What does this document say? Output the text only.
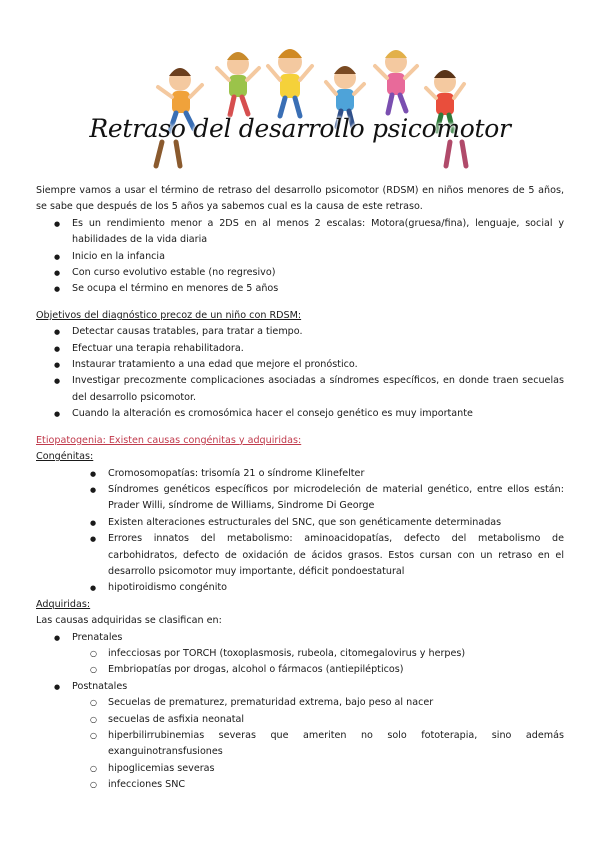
Retraso del desarrollo psicomotor

Siempre vamos a usar el término de retraso del desarrollo psicomotor (RDSM) en niños menores de 5 años, se sabe que después de los 5 años ya sabemos cual es la causa de este retraso.

● Es un rendimiento menor a 2DS en al menos 2 escalas: Motora(gruesa/fina), lenguaje, social y habilidades de la vida diaria
● Inicio en la infancia
● Con curso evolutivo estable (no regresivo)
● Se ocupa el término en menores de 5 años

Objetivos del diagnóstico precoz de un niño con RDSM:

● Detectar causas tratables, para tratar a tiempo.
● Efectuar una terapia rehabilitadora.
● Instaurar tratamiento a una edad que mejore el pronóstico.
● Investigar precozmente complicaciones asociadas a síndromes específicos, en donde traen secuelas del desarrollo psicomotor.
● Cuando la alteración es cromosómica hacer el consejo genético es muy importante

Etiopatogenia: Existen causas congénitas y adquiridas:

Congénitas:

● Cromosomopatías: trisomía 21 o síndrome Klinefelter
● Síndromes genéticos específicos por microdeleción de material genético, entre ellos están: Prader Willi, síndrome de Williams, Sindrome Di George
● Existen alteraciones estructurales del SNC, que son genéticamente determinadas
● Errores innatos del metabolismo: aminoacidopatías, defecto del metabolismo de carbohidratos, defecto de oxidación de ácidos grasos. Estos cursan con un retraso en el desarrollo psicomotor muy importante, déficit pondoestatural
● hipotiroidismo congénito

Adquiridas:

Las causas adquiridas se clasifican en:

● Prenatales
○ infecciosas por TORCH (toxoplasmosis, rubeola, citomegalovirus y herpes)
○ Embriopatías por drogas, alcohol o fármacos (antiepilépticos)
● Postnatales
○ Secuelas de prematurez, prematuridad extrema, bajo peso al nacer
○ secuelas de asfixia neonatal
○ hiperbilirrubinemias severas que ameriten no solo fototerapia, sino además exanguinotransfusiones
○ hipoglicemias severas
○ infecciones SNC
